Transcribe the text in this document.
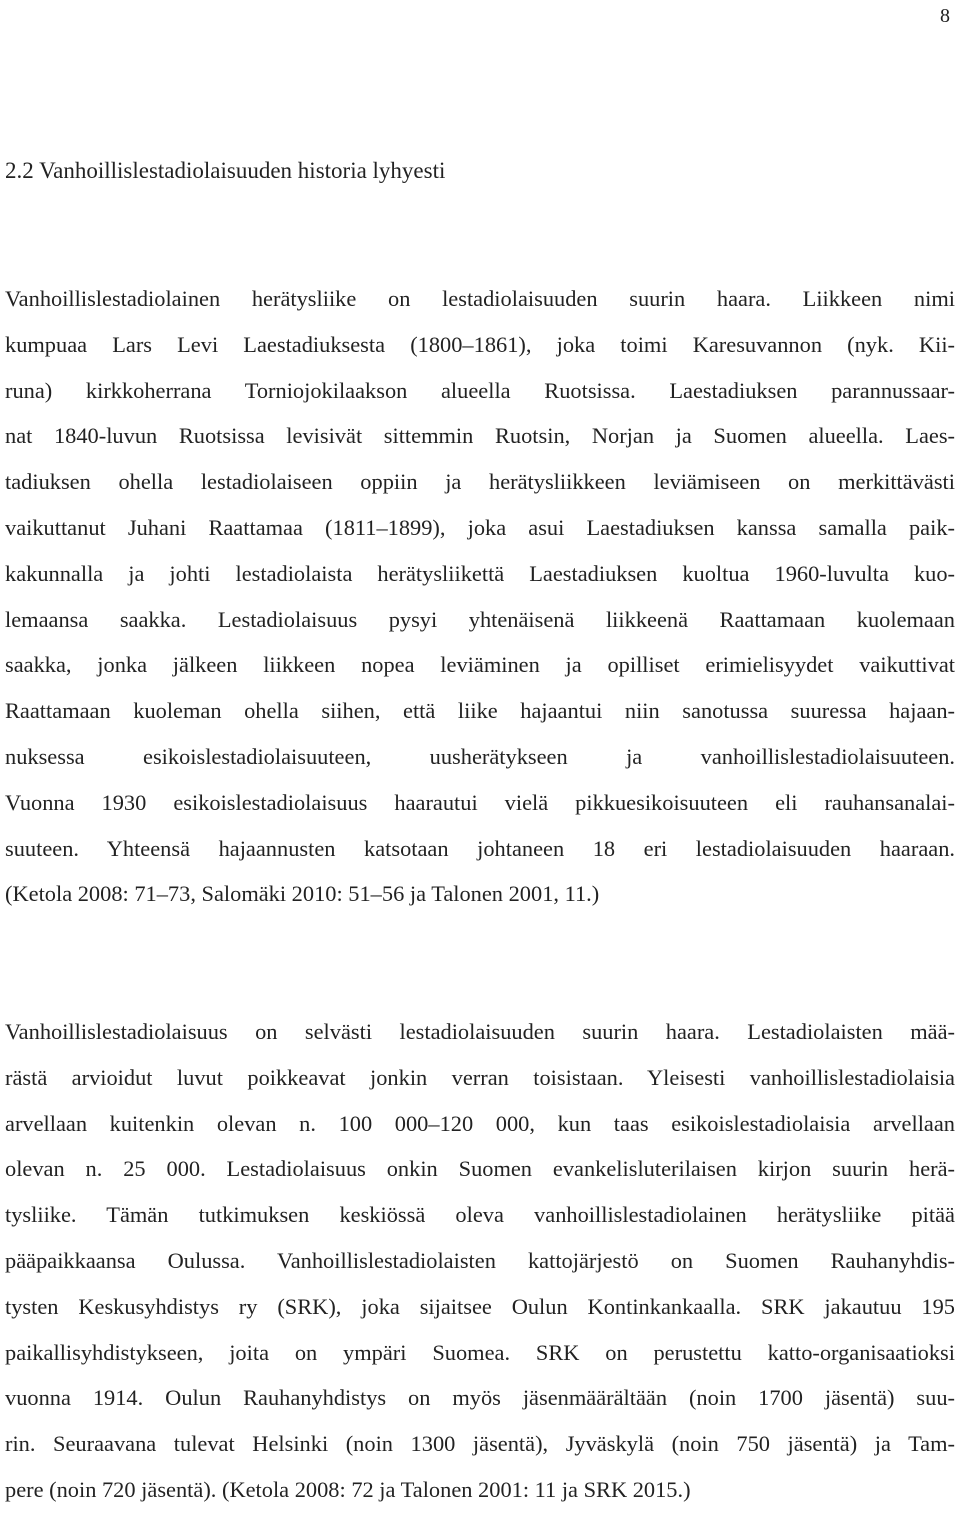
8
2.2 Vanhoillislestadiolaisuuden historia lyhyesti

Vanhoillislestadiolainen herätysliike on lestadiolaisuuden suurin haara. Liikkeen nimi
kumpuaa Lars Levi Laestadiuksesta (1800–1861), joka toimi Karesuvannon (nyk. Kii-
runa) kirkkoherrana Torniojokilaakson alueella Ruotsissa. Laestadiuksen parannussaar-
nat 1840-luvun Ruotsissa levisivät sittemmin Ruotsin, Norjan ja Suomen alueella. Laes-
tadiuksen ohella lestadiolaiseen oppiin ja herätysliikkeen leviämiseen on merkittävästi
vaikuttanut Juhani Raattamaa (1811–1899), joka asui Laestadiuksen kanssa samalla paik-
kakunnalla ja johti lestadiolaista herätysliikettä Laestadiuksen kuoltua 1960-luvulta kuo-
lemaansa saakka. Lestadiolaisuus pysyi yhtenäisenä liikkeenä Raattamaan kuolemaan
saakka, jonka jälkeen liikkeen nopea leviäminen ja opilliset erimielisyydet vaikuttivat
Raattamaan kuoleman ohella siihen, että liike hajaantui niin sanotussa suuressa hajaan-
nuksessa esikoislestadiolaisuuteen, uusherätykseen ja vanhoillislestadiolaisuuteen.
Vuonna 1930 esikoislestadiolaisuus haarautui vielä pikkuesikoisuuteen eli rauhansanalai-
suuteen. Yhteensä hajaannusten katsotaan johtaneen 18 eri lestadiolaisuuden haaraan.
(Ketola 2008: 71–73, Salomäki 2010: 51–56 ja Talonen 2001, 11.)

Vanhoillislestadiolaisuus on selvästi lestadiolaisuuden suurin haara. Lestadiolaisten mää-
rästä arvioidut luvut poikkeavat jonkin verran toisistaan. Yleisesti vanhoillislestadiolaisia
arvellaan kuitenkin olevan n. 100 000–120 000, kun taas esikoislestadiolaisia arvellaan
olevan n. 25 000. Lestadiolaisuus onkin Suomen evankelisluterilaisen kirjon suurin herä-
tysliike. Tämän tutkimuksen keskiössä oleva vanhoillislestadiolainen herätysliike pitää
pääpaikkaansa Oulussa. Vanhoillislestadiolaisten kattojärjestö on Suomen Rauhanyhdis-
tysten Keskusyhdistys ry (SRK), joka sijaitsee Oulun Kontinkankaalla. SRK jakautuu 195
paikallisyhdistykseen, joita on ympäri Suomea. SRK on perustettu katto-organisaatioksi
vuonna 1914. Oulun Rauhanyhdistys on myös jäsenmäärältään (noin 1700 jäsentä) suu-
rin. Seuraavana tulevat Helsinki (noin 1300 jäsentä), Jyväskylä (noin 750 jäsentä) ja Tam-
pere (noin 720 jäsentä). (Ketola 2008: 72 ja Talonen 2001: 11 ja SRK 2015.)
